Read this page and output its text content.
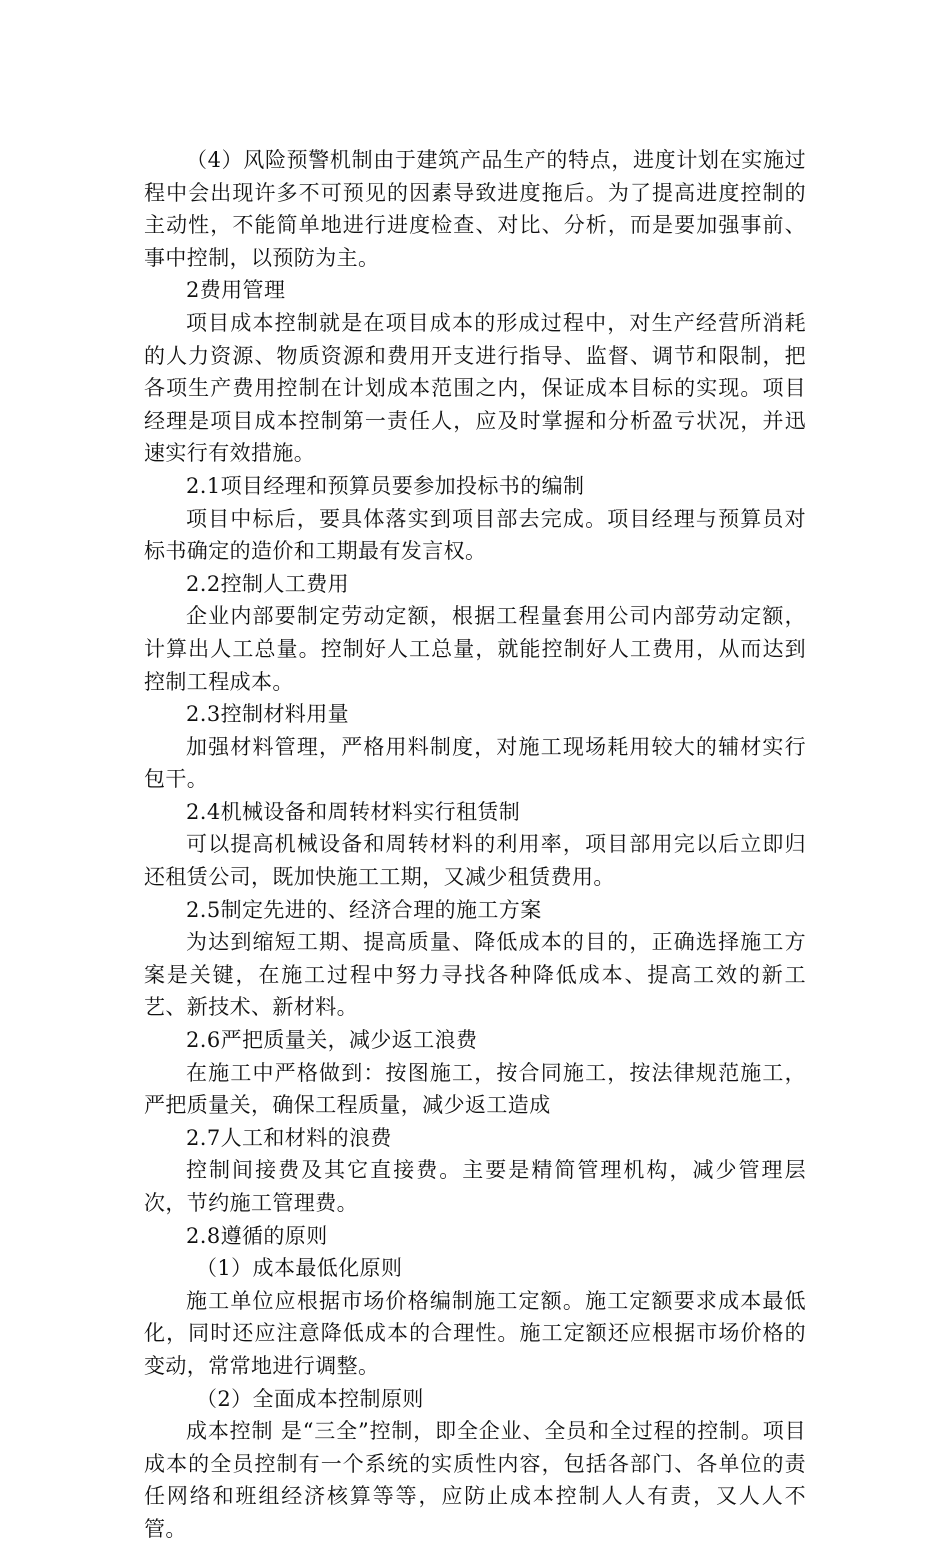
（4）风险预警机制由于建筑产品生产的特点，进度计划在实施过程中会出现许多不可预见的因素导致进度拖后。为了提高进度控制的主动性，不能简单地进行进度检查、对比、分析，而是要加强事前、事中控制，以预防为主。

2费用管理

项目成本控制就是在项目成本的形成过程中，对生产经营所消耗的人力资源、物质资源和费用开支进行指导、监督、调节和限制，把各项生产费用控制在计划成本范围之内，保证成本目标的实现。项目经理是项目成本控制第一责任人，应及时掌握和分析盈亏状况，并迅速实行有效措施。

2.1项目经理和预算员要参加投标书的编制

项目中标后，要具体落实到项目部去完成。项目经理与预算员对标书确定的造价和工期最有发言权。

2.2控制人工费用

企业内部要制定劳动定额，根据工程量套用公司内部劳动定额，计算出人工总量。控制好人工总量，就能控制好人工费用，从而达到控制工程成本。

2.3控制材料用量

加强材料管理，严格用料制度，对施工现场耗用较大的辅材实行包干。

2.4机械设备和周转材料实行租赁制

可以提高机械设备和周转材料的利用率，项目部用完以后立即归还租赁公司，既加快施工工期，又减少租赁费用。

2.5制定先进的、经济合理的施工方案

为达到缩短工期、提高质量、降低成本的目的，正确选择施工方案是关键，在施工过程中努力寻找各种降低成本、提高工效的新工艺、新技术、新材料。

2.6严把质量关，减少返工浪费

在施工中严格做到：按图施工，按合同施工，按法律规范施工，严把质量关，确保工程质量，减少返工造成

2.7人工和材料的浪费

控制间接费及其它直接费。主要是精简管理机构，减少管理层次，节约施工管理费。

2.8遵循的原则

（1）成本最低化原则

施工单位应根据市场价格编制施工定额。施工定额要求成本最低化，同时还应注意降低成本的合理性。施工定额还应根据市场价格的变动，常常地进行调整。

（2）全面成本控制原则

成本控制 是“三全”控制，即全企业、全员和全过程的控制。项目成本的全员控制有一个系统的实质性内容，包括各部门、各单位的责任网络和班组经济核算等等，应防止成本控制人人有责，又人人不管。
